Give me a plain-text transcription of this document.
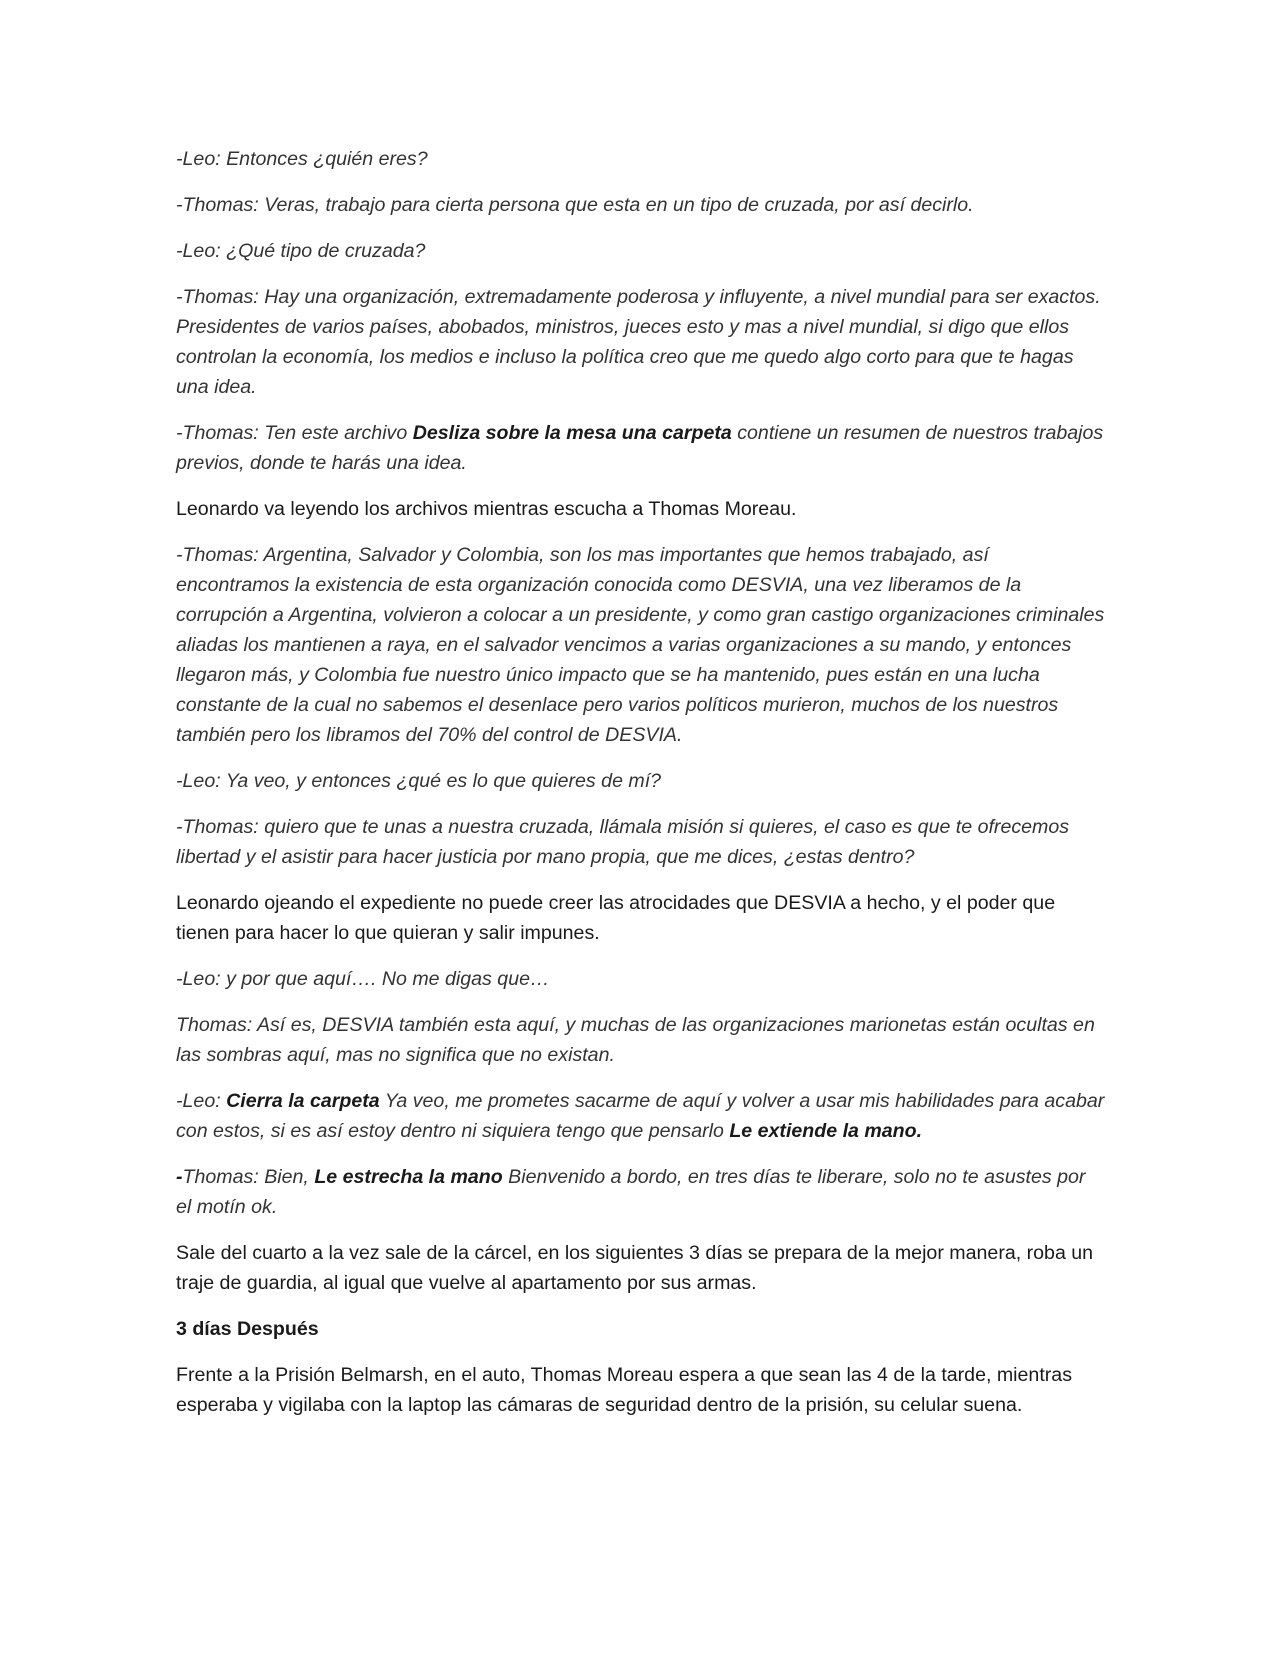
-Leo: Entonces ¿quién eres?

-Thomas: Veras, trabajo para cierta persona que esta en un tipo de cruzada, por así decirlo.

-Leo: ¿Qué tipo de cruzada?

-Thomas: Hay una organización, extremadamente poderosa y influyente, a nivel mundial para ser exactos. Presidentes de varios países, abobados, ministros, jueces esto y mas a nivel mundial, si digo que ellos controlan la economía, los medios e incluso la política creo que me quedo algo corto para que te hagas una idea.

-Thomas: Ten este archivo Desliza sobre la mesa una carpeta contiene un resumen de nuestros trabajos previos, donde te harás una idea.

Leonardo va leyendo los archivos mientras escucha a Thomas Moreau.

-Thomas: Argentina, Salvador y Colombia, son los mas importantes que hemos trabajado, así encontramos la existencia de esta organización conocida como DESVIA, una vez liberamos de la corrupción a Argentina, volvieron a colocar a un presidente, y como gran castigo organizaciones criminales aliadas los mantienen a raya, en el salvador vencimos a varias organizaciones a su mando, y entonces llegaron más, y Colombia fue nuestro único impacto que se ha mantenido, pues están en una lucha constante de la cual no sabemos el desenlace pero varios políticos murieron, muchos de los nuestros también pero los libramos del 70% del control de DESVIA.

-Leo: Ya veo, y entonces ¿qué es lo que quieres de mí?

-Thomas: quiero que te unas a nuestra cruzada, llámala misión si quieres, el caso es que te ofrecemos libertad y el asistir para hacer justicia por mano propia, que me dices, ¿estas dentro?

Leonardo ojeando el expediente no puede creer las atrocidades que DESVIA a hecho, y el poder que tienen para hacer lo que quieran y salir impunes.

-Leo: y por que aquí…. No me digas que…

Thomas: Así es, DESVIA también esta aquí, y muchas de las organizaciones marionetas están ocultas en las sombras aquí, mas no significa que no existan.

-Leo: Cierra la carpeta Ya veo, me prometes sacarme de aquí y volver a usar mis habilidades para acabar con estos, si es así estoy dentro ni siquiera tengo que pensarlo Le extiende la mano.

-Thomas: Bien, Le estrecha la mano Bienvenido a bordo, en tres días te liberare, solo no te asustes por el motín ok.

Sale del cuarto a la vez sale de la cárcel, en los siguientes 3 días se prepara de la mejor manera, roba un traje de guardia, al igual que vuelve al apartamento por sus armas.

3 días Después

Frente a la Prisión Belmarsh, en el auto, Thomas Moreau espera a que sean las 4 de la tarde, mientras esperaba y vigilaba con la laptop las cámaras de seguridad dentro de la prisión, su celular suena.
